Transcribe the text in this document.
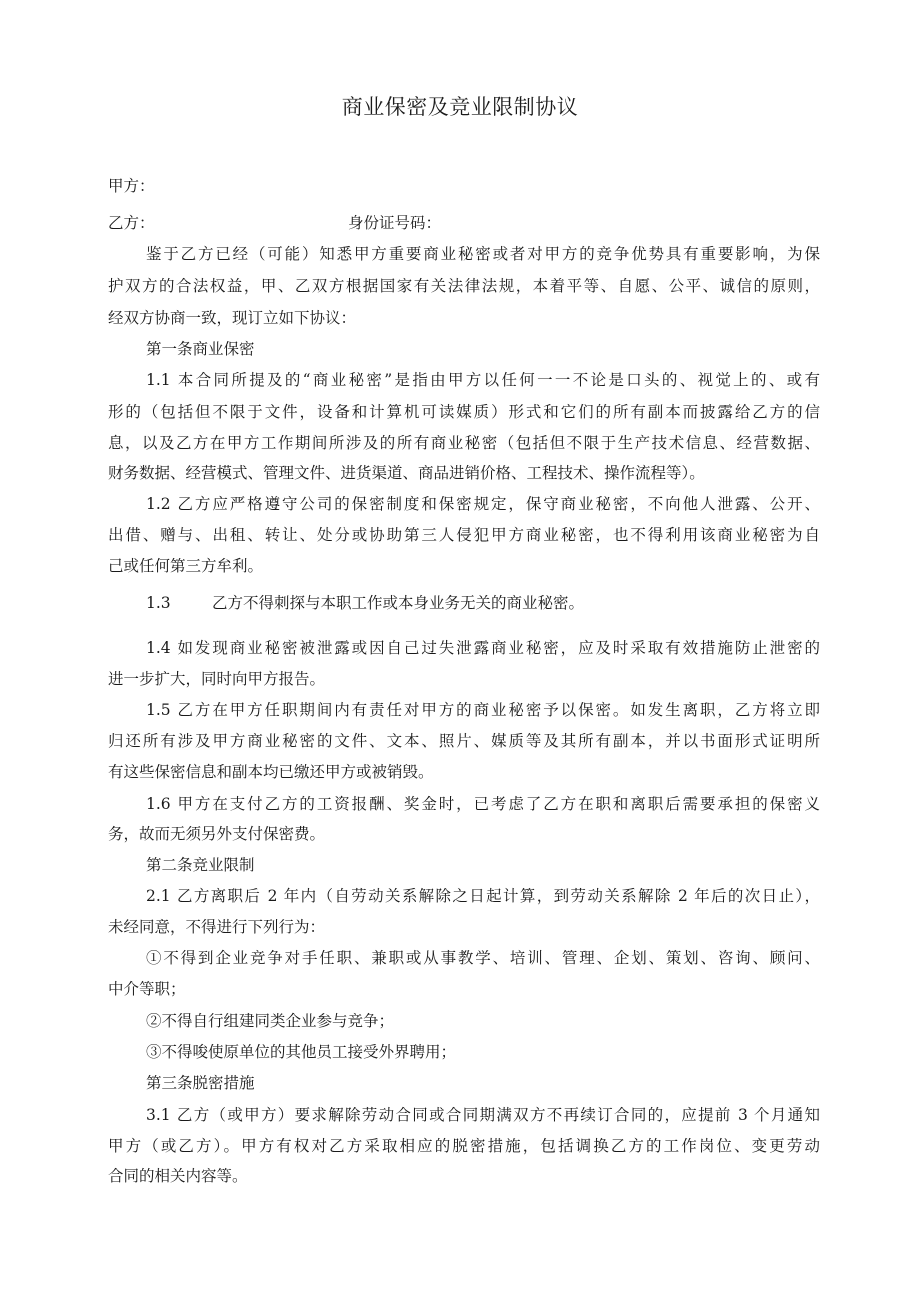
商业保密及竞业限制协议

甲方：

乙方：	身份证号码：

鉴于乙方已经（可能）知悉甲方重要商业秘密或者对甲方的竞争优势具有重要影响，为保

护双方的合法权益，甲、乙双方根据国家有关法律法规，本着平等、自愿、公平、诚信的原则，

经双方协商一致，现订立如下协议：

第一条商业保密

1.1 本合同所提及的“商业秘密”是指由甲方以任何一一不论是口头的、视觉上的、或有

形的（包括但不限于文件，设备和计算机可读媒质）形式和它们的所有副本而披露给乙方的信

息，以及乙方在甲方工作期间所涉及的所有商业秘密（包括但不限于生产技术信息、经营数据、

财务数据、经营模式、管理文件、进货渠道、商品进销价格、工程技术、操作流程等）。

1.2 乙方应严格遵守公司的保密制度和保密规定，保守商业秘密，不向他人泄露、公开、

出借、赠与、出租、转让、处分或协助第三人侵犯甲方商业秘密，也不得利用该商业秘密为自

己或任何第三方牟利。

1.3	乙方不得刺探与本职工作或本身业务无关的商业秘密。

1.4 如发现商业秘密被泄露或因自己过失泄露商业秘密，应及时采取有效措施防止泄密的

进一步扩大，同时向甲方报告。

1.5 乙方在甲方任职期间内有责任对甲方的商业秘密予以保密。如发生离职，乙方将立即

归还所有涉及甲方商业秘密的文件、文本、照片、媒质等及其所有副本，并以书面形式证明所

有这些保密信息和副本均已缴还甲方或被销毁。

1.6 甲方在支付乙方的工资报酬、奖金时，已考虑了乙方在职和离职后需要承担的保密义

务，故而无须另外支付保密费。

第二条竞业限制

2.1 乙方离职后 2 年内（自劳动关系解除之日起计算，到劳动关系解除 2 年后的次日止），

未经同意，不得进行下列行为：

①不得到企业竞争对手任职、兼职或从事教学、培训、管理、企划、策划、咨询、顾问、

中介等职；

②不得自行组建同类企业参与竞争；

③不得唆使原单位的其他员工接受外界聘用；

第三条脱密措施

3.1 乙方（或甲方）要求解除劳动合同或合同期满双方不再续订合同的，应提前 3 个月通知

甲方（或乙方）。甲方有权对乙方采取相应的脱密措施，包括调换乙方的工作岗位、变更劳动

合同的相关内容等。
